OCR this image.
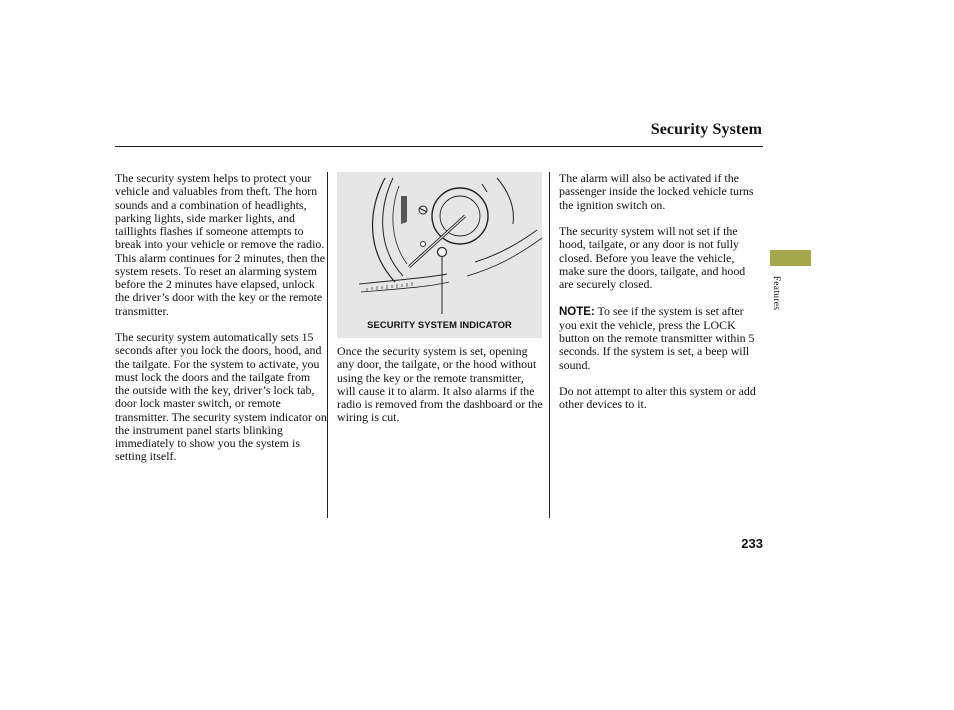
Security System

The security system helps to protect your vehicle and valuables from theft. The horn sounds and a combination of headlights, parking lights, side marker lights, and taillights flashes if someone attempts to break into your vehicle or remove the radio. This alarm continues for 2 minutes, then the system resets. To reset an alarming system before the 2 minutes have elapsed, unlock the driver’s door with the key or the remote transmitter.

The security system automatically sets 15 seconds after you lock the doors, hood, and the tailgate. For the system to activate, you must lock the doors and the tailgate from the outside with the key, driver’s lock tab, door lock master switch, or remote transmitter. The security system indicator on the instrument panel starts blinking immediately to show you the system is setting itself.

SECURITY SYSTEM INDICATOR

Once the security system is set, opening any door, the tailgate, or the hood without using the key or the remote transmitter, will cause it to alarm. It also alarms if the radio is removed from the dashboard or the wiring is cut.

The alarm will also be activated if the passenger inside the locked vehicle turns the ignition switch on.

The security system will not set if the hood, tailgate, or any door is not fully closed. Before you leave the vehicle, make sure the doors, tailgate, and hood are securely closed.

NOTE: To see if the system is set after you exit the vehicle, press the LOCK button on the remote transmitter within 5 seconds. If the system is set, a beep will sound.

Do not attempt to alter this system or add other devices to it.

Features
233
